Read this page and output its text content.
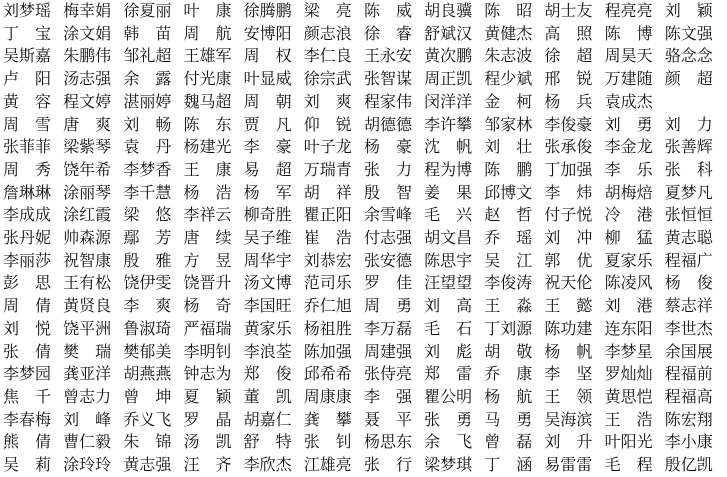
刘梦瑶 梅幸娟 徐夏丽 叶　康 徐腾鹏 梁　亮 陈　威 胡良骥 陈　昭 胡士友 程亮亮 刘　颖
丁　宝 涂文娟 韩　苗 周　航 安博阳 颜志浪 徐　睿 舒斌汉 黄健杰 高　照 陈　博 陈文强
吴斯嘉 朱鹏伟 邹礼超 王雄军 周　权 李仁良 王永安 黄次鹏 朱志波 徐　超 周昊天 骆念念
卢　阳 汤志强 余　露 付光康 叶显威 徐宗武 张智谋 周正凯 程少斌 邢　锐 万建随 颜　超
黄　容 程文婷 湛丽婷 魏马超 周　朝 刘　爽 程家伟 闵洋洋 金　柯 杨　兵 袁成杰
周　雪 唐　爽 刘　畅 陈　东 贾　凡 仰　锐 胡德德 李许攀 邹家林 李俊豪 刘　勇 刘　力
张菲菲 梁紫琴 袁　丹 杨建光 李　豪 叶子龙 杨　豪 沈　帆 刘　壮 张承俊 李金龙 张善辉
周　秀 饶年希 李梦香 王　康 易　超 万瑞青 张　力 程为博 陈　鹏 丁加强 李　乐 张　科
詹琳琳 涂丽琴 李千慧 杨　浩 杨　军 胡　祥 殷　智 姜　果 邱博文 李　炜 胡梅焙 夏梦凡
李成成 涂红霞 梁　悠 李祥云 柳奇胜 瞿正阳 余雪峰 毛　兴 赵　哲 付子悦 冷　港 张恒恒
张丹妮 帅森源 鄢　芳 唐　续 吴子维 崔　浩 付志强 胡文昌 乔　瑶 刘　冲 柳　猛 黄志聪
李丽莎 祝智康 殷　雅 方　昱 周华宇 刘恭宏 张安德 陈思宇 吴　江 郭　优 夏家乐 程福广
彭　思 王有松 饶伊雯 饶晋升 汤文博 范司乐 罗　佳 汪望望 李俊涛 祝天伦 陈凌风 杨　俊
周　倩 黄贤良 李　爽 杨　奇 李国旺 乔仁旭 周　勇 刘　高 王　淼 王　懿 刘　港 蔡志祥
刘　悦 饶平洲 鲁淑琦 严福瑞 黄家乐 杨祖胜 李万磊 毛　石 丁刘源 陈功建 连东阳 李世杰
张　倩 樊　瑞 樊郁美 李明钊 李浪荃 陈加强 周建强 刘　彪 胡　敬 杨　帆 李梦星 余国展
李梦园 龚亚洋 胡燕燕 钟志为 郑　俊 邱希希 张侍亮 郑　雷 乔　康 李　坚 罗灿灿 程福前
焦　千 曾志力 曾　坤 夏　颖 董　凯 周康康 李　强 瞿公明 杨　航 王　领 黄思恺 程福高
李春梅 刘　峰 乔义飞 罗　晶 胡嘉仁 龚　攀 聂　平 张　勇 马　勇 吴海滨 王　浩 陈宏翔
熊　倩 曹仁毅 朱　锦 汤　凯 舒　特 张　钊 杨思东 余　飞 曾　磊 刘　升 叶阳光 李小康
吴　莉 涂玲玲 黄志强 汪　齐 李欣杰 江雄亮 张　行 梁梦琪 丁　涵 易雷雷 毛　程 殷亿凯
